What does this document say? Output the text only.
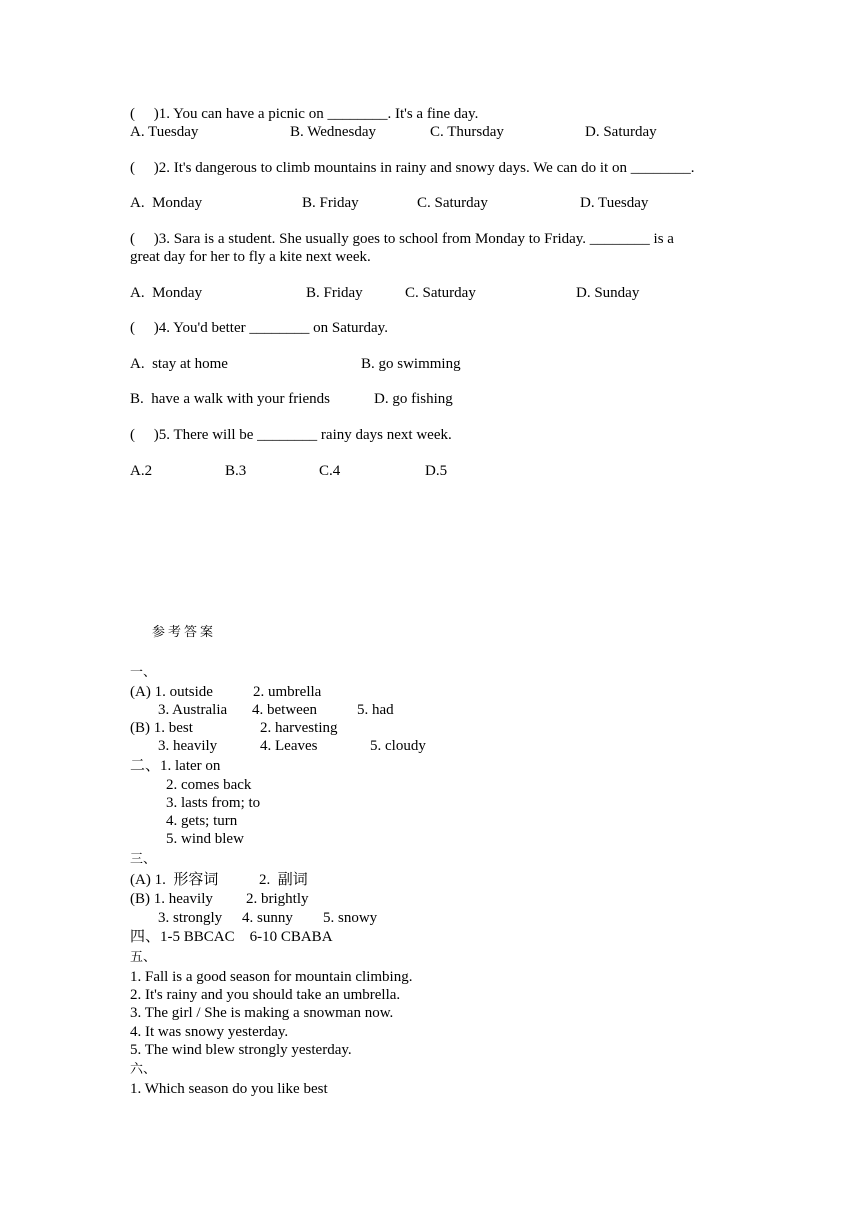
(     )1. You can have a picnic on ________. It's a fine day.
A. Tuesday	B. Wednesday	C. Thursday	D. Saturday
(     )2. It's dangerous to climb mountains in rainy and snowy days. We can do it on ________.
A.  Monday	B. Friday	C. Saturday	D. Tuesday
(     )3. Sara is a student. She usually goes to school from Monday to Friday. ________ is a
great day for her to fly a kite next week.
A.  Monday	B. Friday	C. Saturday	D. Sunday
(     )4. You'd better ________ on Saturday.
A.  stay at home	B. go swimming
B.  have a walk with your friends	D. go fishing
(     )5. There will be ________ rainy days next week.
A.2	B.3	C.4	D.5
参考答案
一、
(A) 1. outside	2. umbrella
3. Australia 4. between	5. had
(B) 1. best	2. harvesting
3. heavily	4. Leaves	5. cloudy
二、1. later on
2. comes back
3. lasts from; to
4. gets; turn
5. wind blew
三、
(A) 1.  形容词	2.  副词
(B) 1. heavily 2. brightly
3. strongly 4. sunny 5. snowy
四、1-5 BBCAC    6-10 CBABA
五、
1. Fall is a good season for mountain climbing.
2. It's rainy and you should take an umbrella.
3. The girl / She is making a snowman now.
4. It was snowy yesterday.
5. The wind blew strongly yesterday.
六、
1. Which season do you like best
